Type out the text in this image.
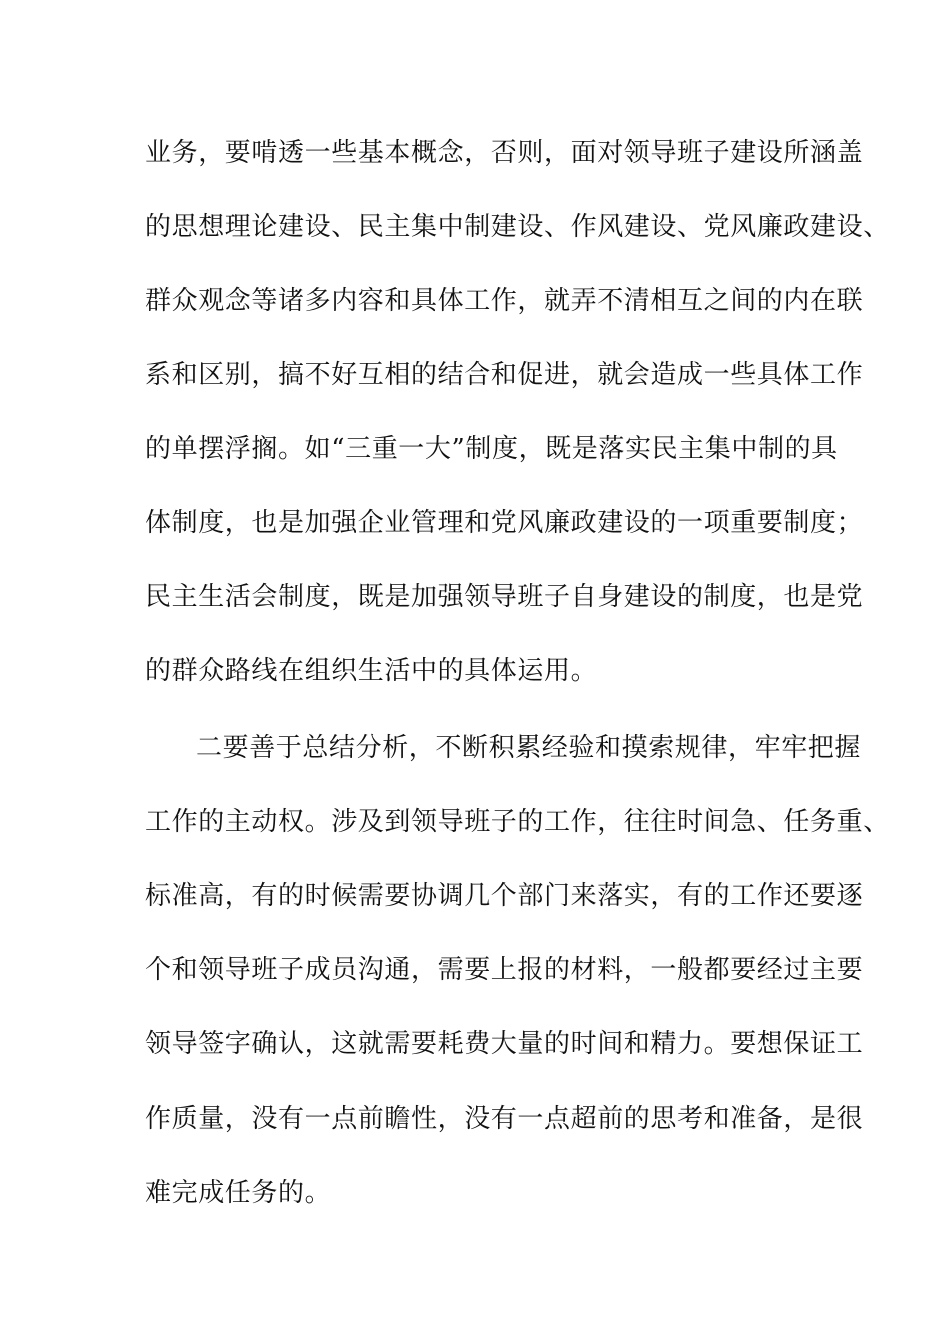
业务，要啃透一些基本概念，否则，面对领导班子建设所涵盖
的思想理论建设、民主集中制建设、作风建设、党风廉政建设、
群众观念等诸多内容和具体工作，就弄不清相互之间的内在联
系和区别，搞不好互相的结合和促进，就会造成一些具体工作
的单摆浮搁。如“三重一大”制度，既是落实民主集中制的具
体制度，也是加强企业管理和党风廉政建设的一项重要制度；
民主生活会制度，既是加强领导班子自身建设的制度，也是党
的群众路线在组织生活中的具体运用。
二要善于总结分析，不断积累经验和摸索规律，牢牢把握
工作的主动权。涉及到领导班子的工作，往往时间急、任务重、
标准高，有的时候需要协调几个部门来落实，有的工作还要逐
个和领导班子成员沟通，需要上报的材料，一般都要经过主要
领导签字确认，这就需要耗费大量的时间和精力。要想保证工
作质量，没有一点前瞻性，没有一点超前的思考和准备，是很
难完成任务的。
